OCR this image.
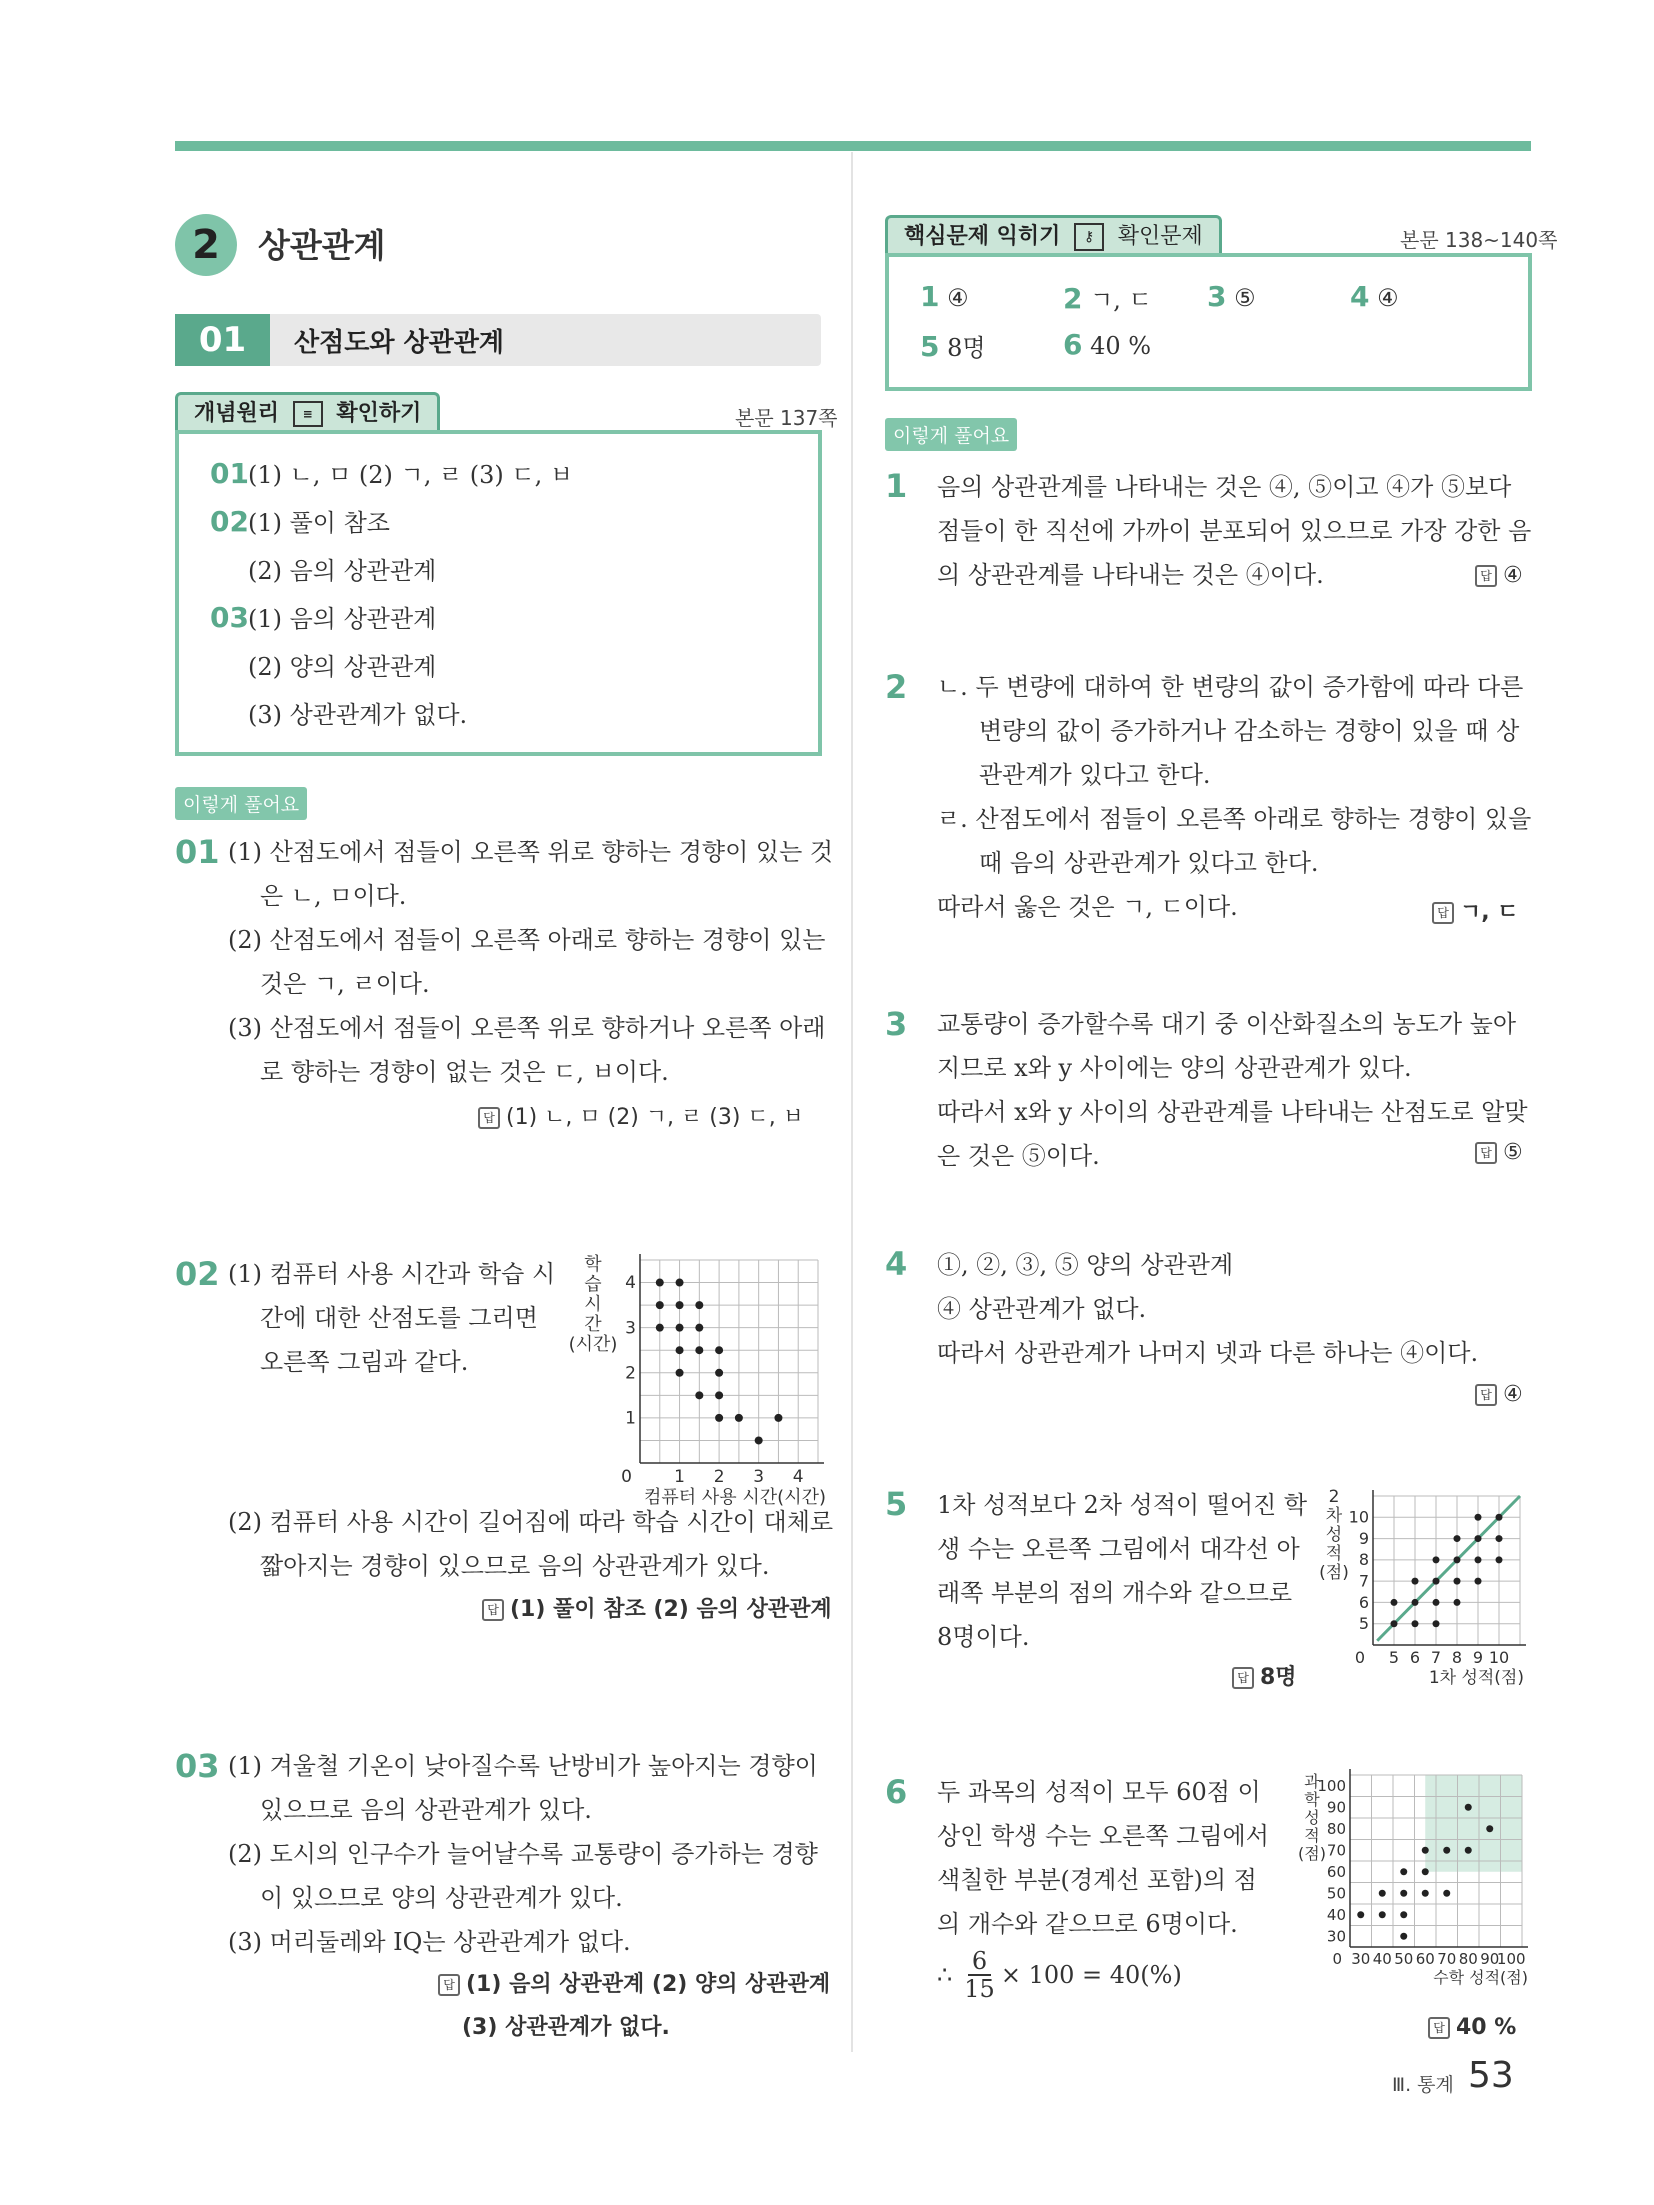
2	상관관계
01	산점도와 상관관계
개념원리 ≡ 확인하기	본문 137쪽
01(1) ㄴ, ㅁ (2) ㄱ, ㄹ (3) ㄷ, ㅂ
02(1) 풀이 참조
(2) 음의 상관관계
03(1) 음의 상관관계
(2) 양의 상관관계
(3) 상관관계가 없다.
이렇게 풀어요
01 (1) 산점도에서 점들이 오른쪽 위로 향하는 경향이 있는 것
은 ㄴ, ㅁ이다.
(2) 산점도에서 점들이 오른쪽 아래로 향하는 경향이 있는
것은 ㄱ, ㄹ이다.
(3) 산점도에서 점들이 오른쪽 위로 향하거나 오른쪽 아래
로 향하는 경향이 없는 것은 ㄷ, ㅂ이다.
답 (1) ㄴ, ㅁ (2) ㄱ, ㄹ (3) ㄷ, ㅂ
02 (1) 컴퓨터 사용 시간과 학습 시
간에 대한 산점도를 그리면
오른쪽 그림과 같다.
0 1 2 3 4
1
2
3
4
컴퓨터 사용 시간(시간)
학
습
시
간
(시간)
(2) 컴퓨터 사용 시간이 길어짐에 따라 학습 시간이 대체로
짧아지는 경향이 있으므로 음의 상관관계가 있다.
답 (1) 풀이 참조 (2) 음의 상관관계
03 (1) 겨울철 기온이 낮아질수록 난방비가 높아지는 경향이
있으므로 음의 상관관계가 있다.
(2) 도시의 인구수가 늘어날수록 교통량이 증가하는 경향
이 있으므로 양의 상관관계가 있다.
(3) 머리둘레와 IQ는 상관관계가 없다.
답 (1) 음의 상관관계 (2) 양의 상관관계
(3) 상관관계가 없다.
핵심문제 익히기 ⚷ 확인문제	본문 138~140쪽
1 ④	2 ㄱ, ㄷ 3 ⑤	4 ④
5 8명	6 40 %
이렇게 풀어요
1 음의 상관관계를 나타내는 것은 ④, ⑤이고 ④가 ⑤보다
점들이 한 직선에 가까이 분포되어 있으므로 가장 강한 음
의 상관관계를 나타내는 것은 ④이다.	답 ④
2 ㄴ. 두 변량에 대하여 한 변량의 값이 증가함에 따라 다른
변량의 값이 증가하거나 감소하는 경향이 있을 때 상
관관계가 있다고 한다.
ㄹ. 산점도에서 점들이 오른쪽 아래로 향하는 경향이 있을
때 음의 상관관계가 있다고 한다.
따라서 옳은 것은 ㄱ, ㄷ이다.	답 ㄱ, ㄷ
3 교통량이 증가할수록 대기 중 이산화질소의 농도가 높아
지므로 x와 y 사이에는 양의 상관관계가 있다.
따라서 x와 y 사이의 상관관계를 나타내는 산점도로 알맞
은 것은 ⑤이다.	답 ⑤
4 ①, ②, ③, ⑤ 양의 상관관계
④ 상관관계가 없다.
따라서 상관관계가 나머지 넷과 다른 하나는 ④이다.
답 ④
5 1차 성적보다 2차 성적이 떨어진 학
생 수는 오른쪽 그림에서 대각선 아
래쪽 부분의 점의 개수와 같으므로
8명이다.
0 5 6 7 8 9 10
5
6
7
8
9
10
1차 성적(점)
2
차
성
적
(점)
답 8명
6 두 과목의 성적이 모두 60점 이
상인 학생 수는 오른쪽 그림에서
색칠한 부분(경계선 포함)의 점
의 개수와 같으므로 6명이다.
∴ $\frac{6}{15} \times 100 = 40(\%)$
0 30 40 50 60 70 80 90
100
30
40
50
60
70
80
90
100
수학 성적(점)
과
학
성
적
(점)
답 40 %
Ⅲ. 통계 53
